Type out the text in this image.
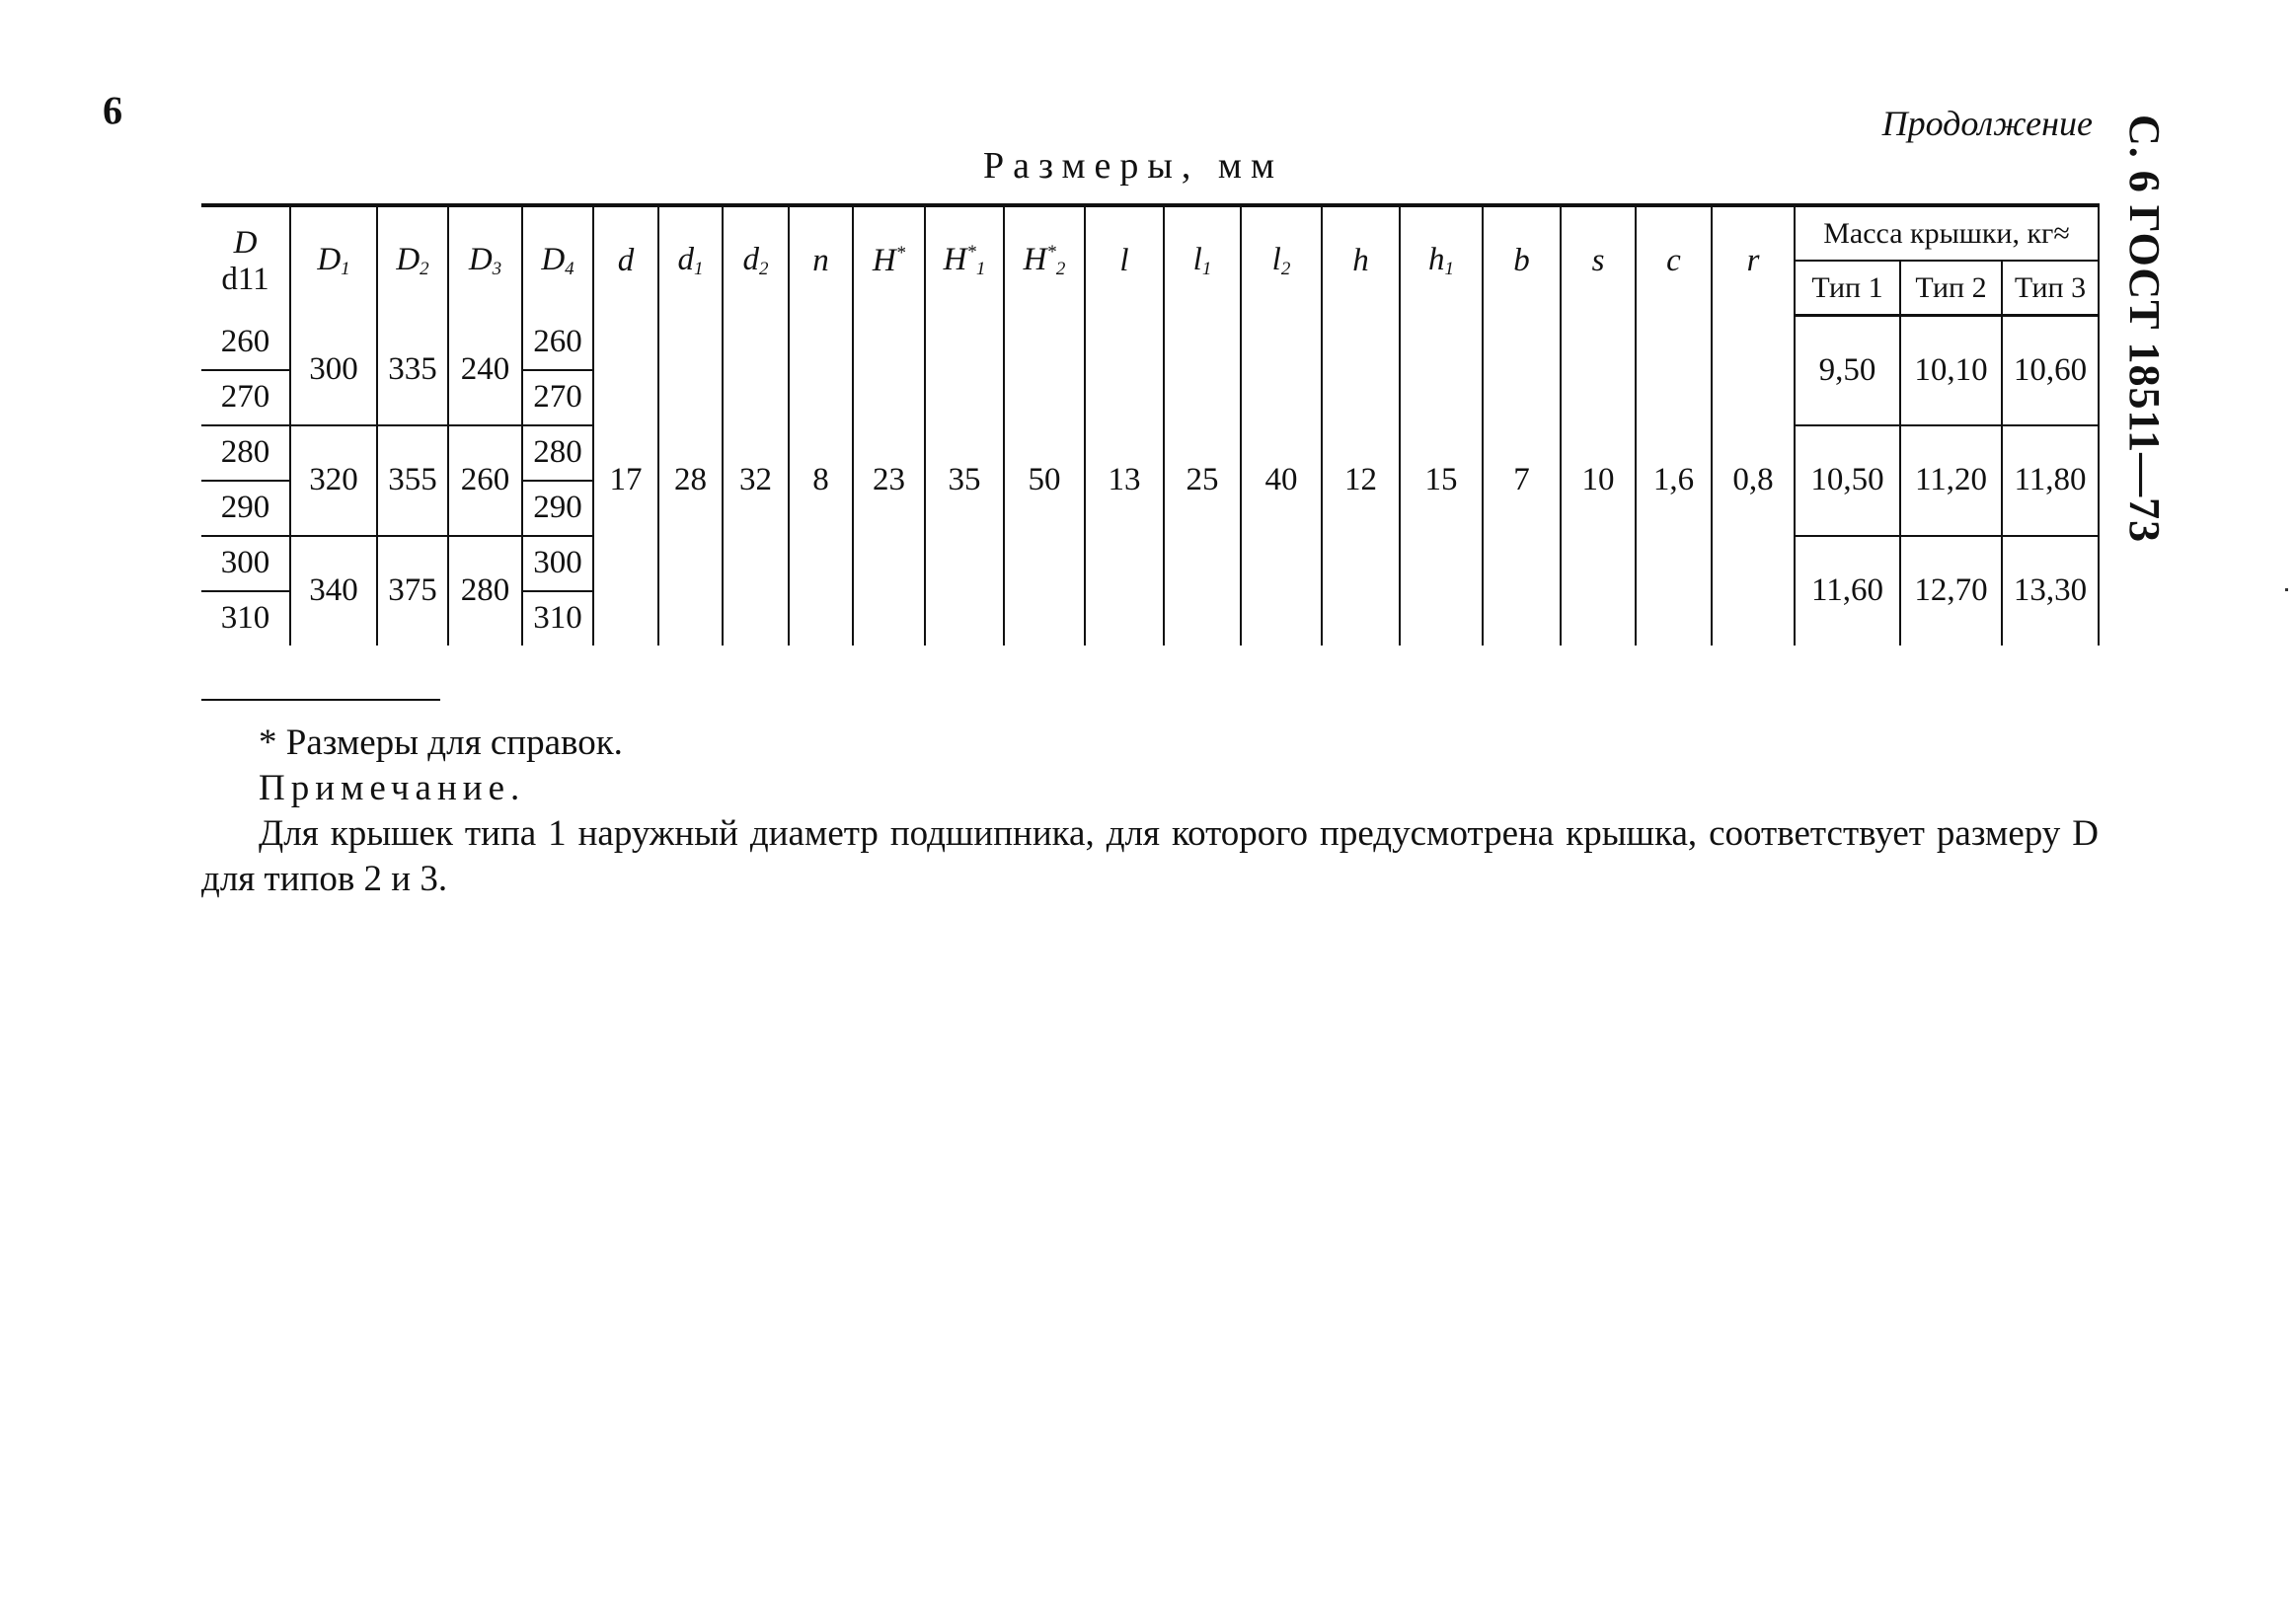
9
С. 6 ГОСТ 18511—73
Продолжение
Размеры, мм
D
d11	$D_1$	$D_2$	$D_3$	$D_4$	d	$d_1$	$d_2$	n	H*	$H^*_1$	$H^*_2$	l	$l_1$	$l_2$	h	$h_1$	b	s	c	r	Масса крышки, кг≈		
																					Тип 1	Тип 2	Тип 3
260	300	335	240	260	17	28	32	8	23	35	50	13	25	40	12	15	7	10	1,6	0,8	9,50	10,10	10,60
270				270																			
280	320	355	260	280																	10,50	11,20	11,80
290				290																			
300	340	375	280	300																	11,60	12,70	13,30
310				310																			

* Размеры для справок.

Примечание.

Для крышек типа 1 наружный диаметр подшипника, для которого предусмотрена крышка, соответствует размеру D для типов 2 и 3.
